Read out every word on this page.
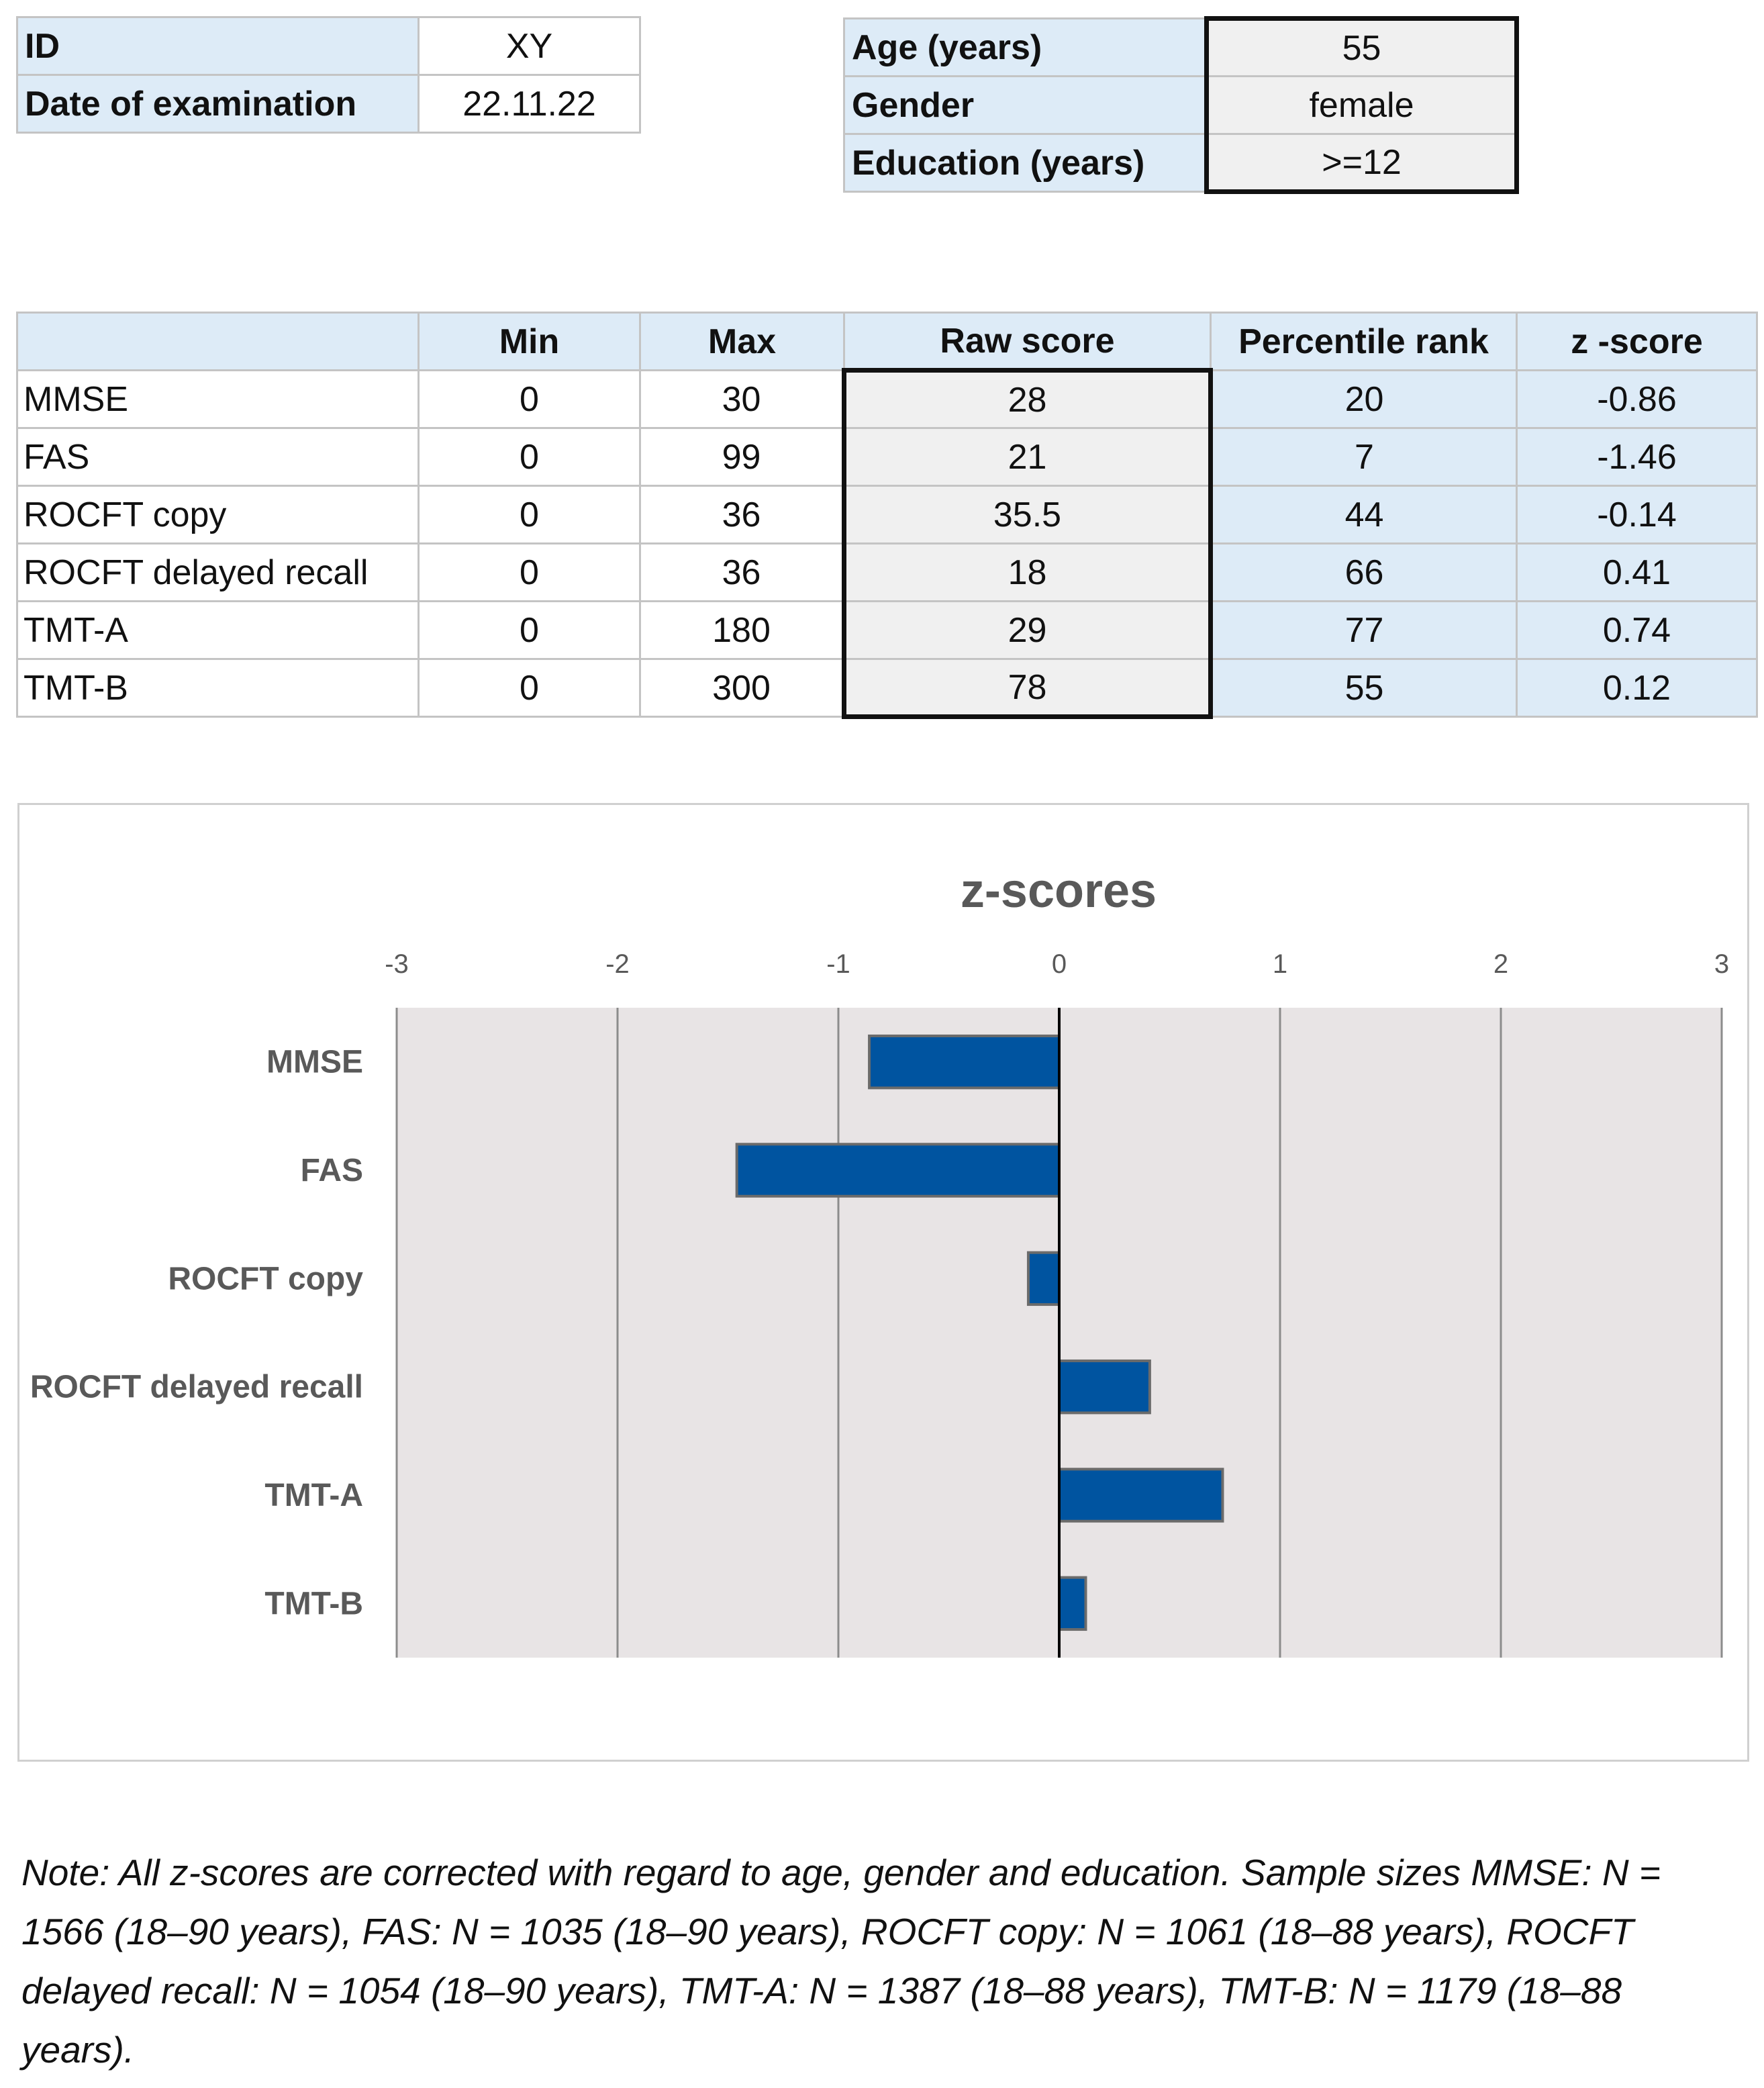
ID	XY
Date of examination	22.11.22
Age (years)	55
Gender	female
Education (years)	>=12
	Min	Max	Raw score	Percentile rank	z -score
MMSE	0	30	28	20	-0.86
FAS	0	99	21	7	-1.46
ROCFT copy	0	36	35.5	44	-0.14
ROCFT delayed recall	0	36	18	66	0.41
TMT-A	0	180	29	77	0.74
TMT-B	0	300	78	55	0.12
-3	-2	-1	0	1	2	3
MMSE
FAS
ROCFT copy
ROCFT delayed recall
TMT-A
TMT-B
z-scores
Note: All z-scores are corrected with regard to age, gender and education. Sample sizes MMSE: N = 1566 (18–90 years), FAS: N = 1035 (18–90 years), ROCFT copy: N = 1061 (18–88 years), ROCFT delayed recall: N = 1054 (18–90 years), TMT-A: N = 1387 (18–88 years), TMT-B: N = 1179 (18–88 years).
